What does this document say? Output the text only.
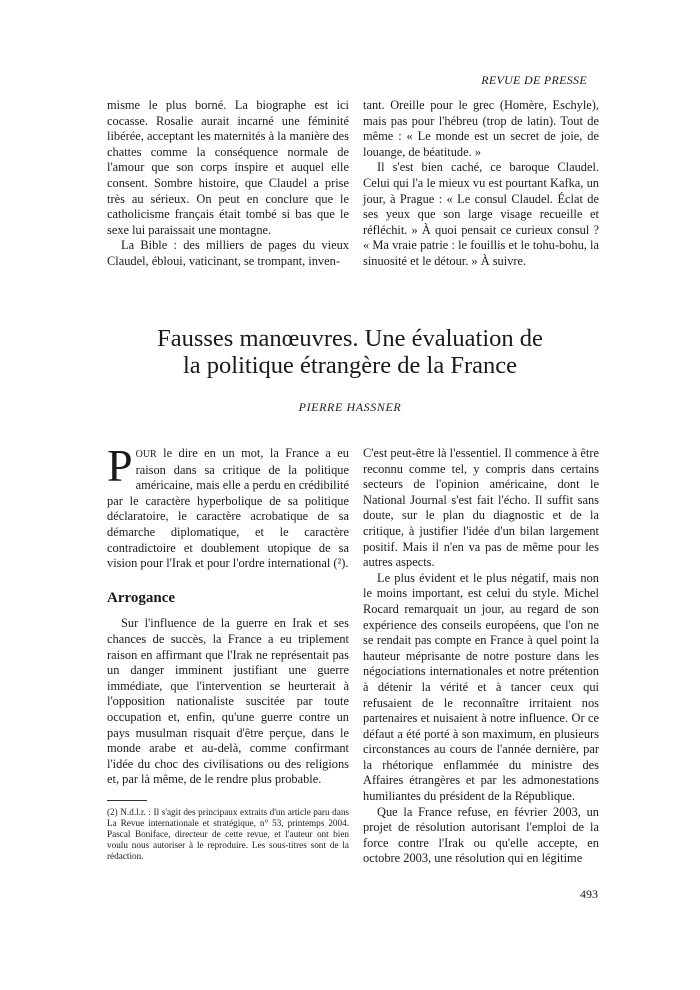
REVUE DE PRESSE

misme le plus borné. La biographe est ici cocasse. Rosalie aurait incarné une féminité libérée, acceptant les maternités à la manière des chattes comme la conséquence normale de l'amour que son corps inspire et auquel elle consent. Sombre histoire, que Claudel a prise très au sérieux. On peut en conclure que le catholicisme français était tombé si bas que le sexe lui paraissait une montagne.

La Bible : des milliers de pages du vieux Claudel, ébloui, vaticinant, se trompant, inven-

tant. Oreille pour le grec (Homère, Eschyle), mais pas pour l'hébreu (trop de latin). Tout de même : « Le monde est un secret de joie, de louange, de béatitude. »

Il s'est bien caché, ce baroque Claudel. Celui qui l'a le mieux vu est pourtant Kafka, un jour, à Prague : « Le consul Claudel. Éclat de ses yeux que son large visage recueille et réfléchit. » À quoi pensait ce curieux consul ? « Ma vraie patrie : le fouillis et le tohu-bohu, la sinuosité et le détour. » À suivre.

Fausses manœuvres. Une évaluation de
la politique étrangère de la France
PIERRE HASSNER

POUR le dire en un mot, la France a eu raison dans sa critique de la politique américaine, mais elle a perdu en crédibilité par le caractère hyperbolique de sa politique déclaratoire, le caractère acrobatique de sa démarche diplomatique, et le caractère contradictoire et doublement utopique de sa vision pour l'Irak et pour l'ordre international (²).

Arrogance

Sur l'influence de la guerre en Irak et ses chances de succès, la France a eu triplement raison en affirmant que l'Irak ne représentait pas un danger imminent justifiant une guerre immédiate, que l'intervention se heurterait à l'opposition nationaliste suscitée par toute occupation et, enfin, qu'une guerre contre un pays musulman risquait d'être perçue, dans le monde arabe et au-delà, comme confirmant l'idée du choc des civilisations ou des religions et, par là même, de le rendre plus probable.

(2) N.d.l.r. : Il s'agit des principaux extraits d'un article paru dans La Revue internationale et stratégique, n° 53, printemps 2004. Pascal Boniface, directeur de cette revue, et l'auteur ont bien voulu nous autoriser à le reproduire. Les sous-titres sont de la rédaction.

C'est peut-être là l'essentiel. Il commence à être reconnu comme tel, y compris dans certains secteurs de l'opinion américaine, dont le National Journal s'est fait l'écho. Il suffit sans doute, sur le plan du diagnostic et de la critique, à justifier l'idée d'un bilan largement positif. Mais il n'en va pas de même pour les autres aspects.

Le plus évident et le plus négatif, mais non le moins important, est celui du style. Michel Rocard remarquait un jour, au regard de son expérience des conseils européens, que l'on ne se rendait pas compte en France à quel point la hauteur méprisante de notre posture dans les négociations internationales et notre prétention à détenir la vérité et à tancer ceux qui refusaient de le reconnaître irritaient nos partenaires et nuisaient à notre influence. Or ce défaut a été porté à son maximum, en plusieurs circonstances au cours de l'année dernière, par la rhétorique enflammée du ministre des Affaires étrangères et par les admonestations humiliantes du président de la République.

Que la France refuse, en février 2003, un projet de résolution autorisant l'emploi de la force contre l'Irak ou qu'elle accepte, en octobre 2003, une résolution qui en légitime

493
